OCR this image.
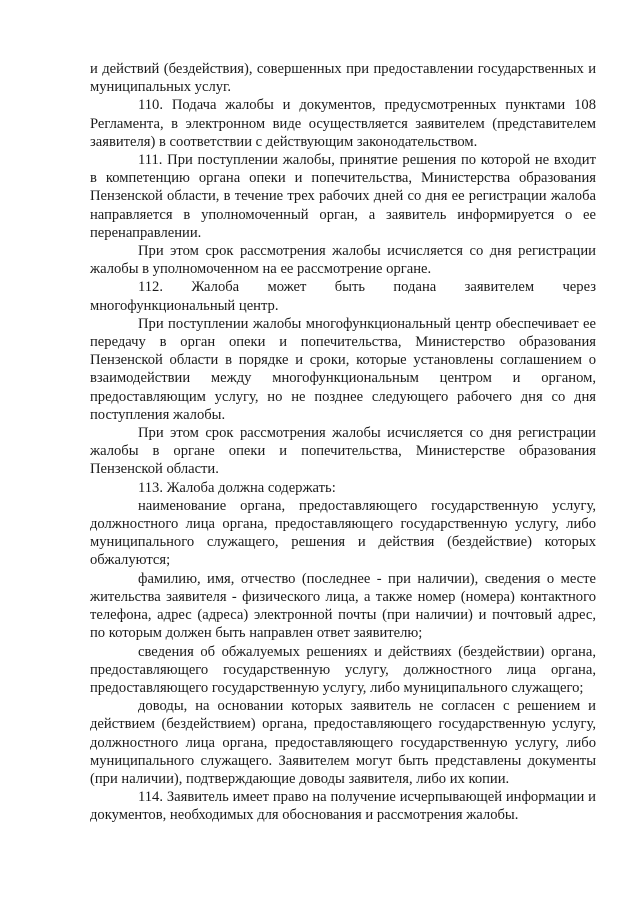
и действий (бездействия), совершенных при предоставлении государственных и муниципальных услуг.

110. Подача жалобы и документов, предусмотренных пунктами 108 Регламента, в электронном виде осуществляется заявителем (представителем заявителя) в соответствии с действующим законодательством.

111. При поступлении жалобы, принятие решения по которой не входит в компетенцию органа опеки и попечительства, Министерства образования Пензенской области, в течение трех рабочих дней со дня ее регистрации жалоба направляется в уполномоченный орган, а заявитель информируется о ее перенаправлении.

При этом срок рассмотрения жалобы исчисляется со дня регистрации жалобы в уполномоченном на ее рассмотрение органе.

112. Жалоба может быть подана заявителем через многофункциональный центр.

При поступлении жалобы многофункциональный центр обеспечивает ее передачу в орган опеки и попечительства, Министерство образования Пензенской области в порядке и сроки, которые установлены соглашением о взаимодействии между многофункциональным центром и органом, предоставляющим услугу, но не позднее следующего рабочего дня со дня поступления жалобы.

При этом срок рассмотрения жалобы исчисляется со дня регистрации жалобы в органе опеки и попечительства, Министерстве образования Пензенской области.

113. Жалоба должна содержать:

наименование органа, предоставляющего государственную услугу, должностного лица органа, предоставляющего государственную услугу, либо муниципального служащего, решения и действия (бездействие) которых обжалуются;

фамилию, имя, отчество (последнее - при наличии), сведения о месте жительства заявителя - физического лица, а также номер (номера) контактного телефона, адрес (адреса) электронной почты (при наличии) и почтовый адрес, по которым должен быть направлен ответ заявителю;

сведения об обжалуемых решениях и действиях (бездействии) органа, предоставляющего государственную услугу, должностного лица органа, предоставляющего государственную услугу, либо муниципального служащего;

доводы, на основании которых заявитель не согласен с решением и действием (бездействием) органа, предоставляющего государственную услугу, должностного лица органа, предоставляющего государственную услугу, либо муниципального служащего. Заявителем могут быть представлены документы (при наличии), подтверждающие доводы заявителя, либо их копии.

114. Заявитель имеет право на получение исчерпывающей информации и документов, необходимых для обоснования и рассмотрения жалобы.
